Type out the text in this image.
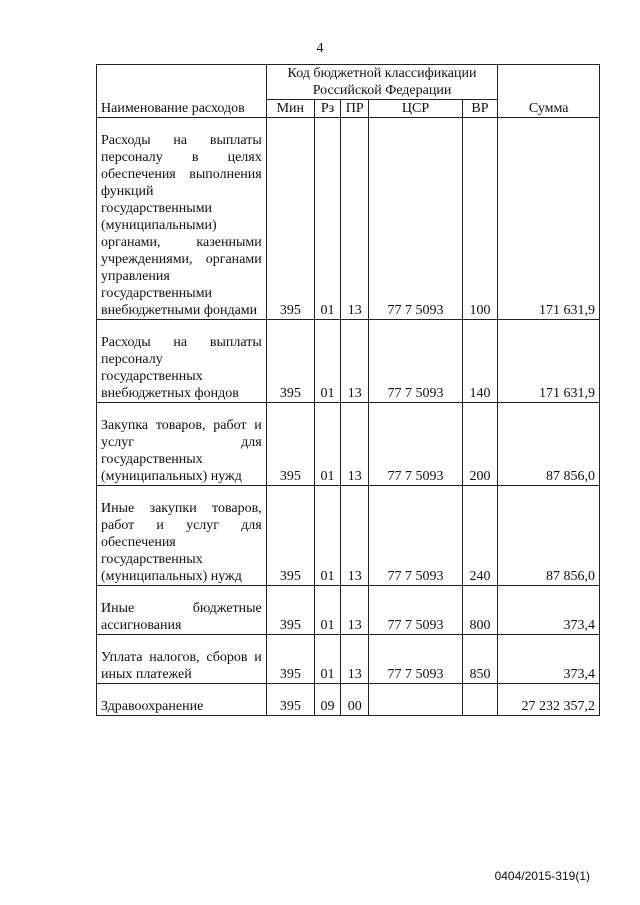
4
Наименование расходов	Код бюджетной классификации Российской Федерации					Сумма
	Мин	Рз	ПР	ЦСР	ВР	

Расходы на выплаты персоналу в целях обеспечения выполнения функций государственными (муниципальными) органами, казенными учреждениями, органами управления государственными внебюджетными фондами	395	01	13	77 7 5093	100	171 631,9

Расходы на выплаты персоналу государственных внебюджетных фондов	395	01	13	77 7 5093	140	171 631,9

Закупка товаров, работ и услуг для государственных (муниципальных) нужд	395	01	13	77 7 5093	200	87 856,0

Иные закупки товаров, работ и услуг для обеспечения государственных (муниципальных) нужд	395	01	13	77 7 5093	240	87 856,0

Иные бюджетные ассигнования	395	01	13	77 7 5093	800	373,4

Уплата налогов, сборов и иных платежей	395	01	13	77 7 5093	850	373,4

Здравоохранение	395	09	00			27 232 357,2
0404/2015-319(1)
